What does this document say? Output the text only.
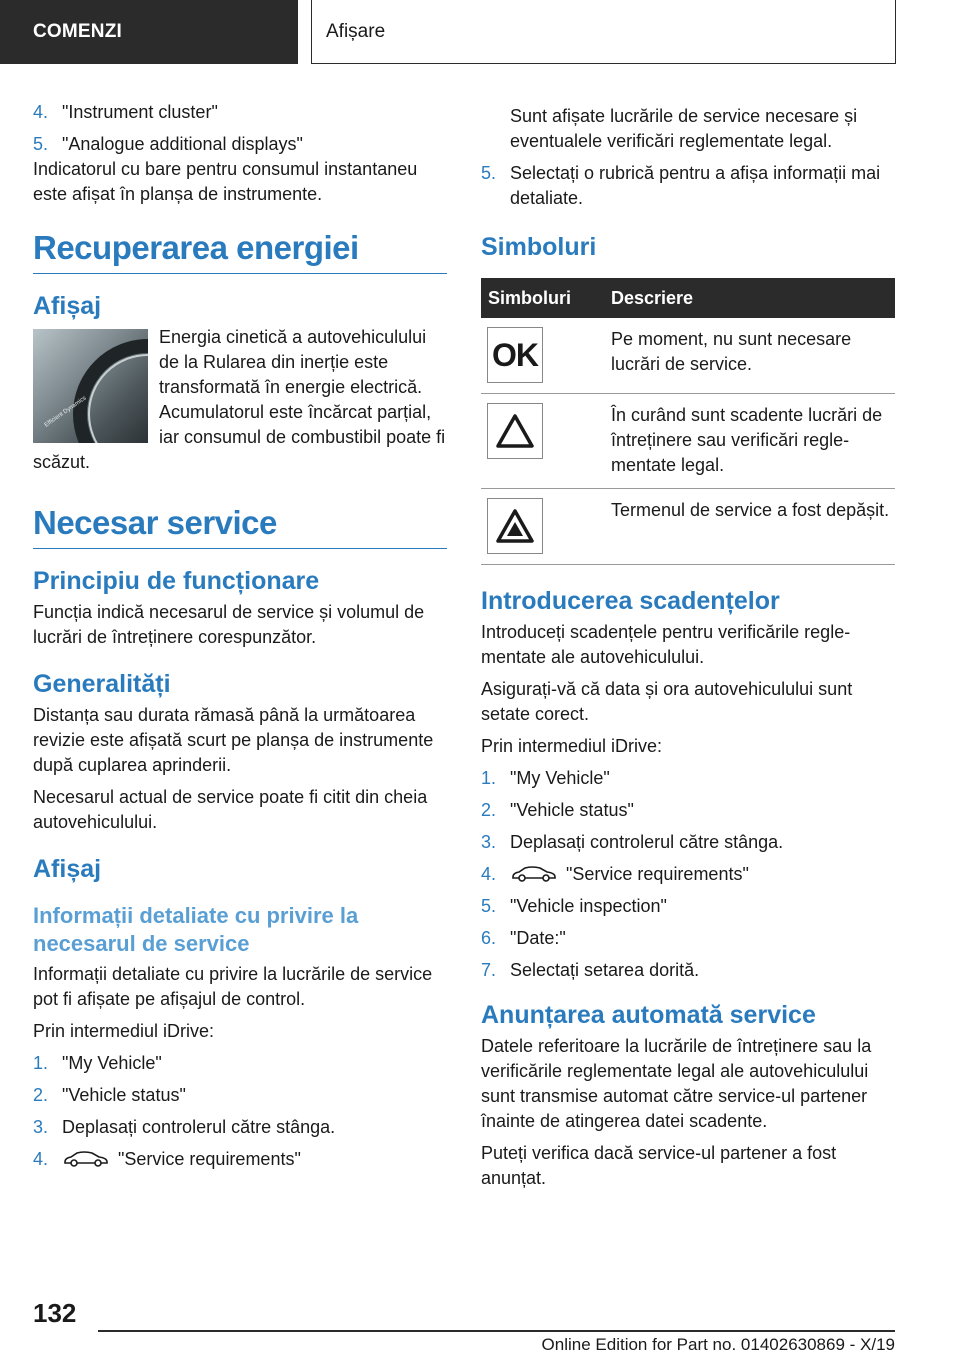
COMENZI	Afișare
4. "Instrument cluster"
5. "Analogue additional displays"

Indicatorul cu bare pentru consumul instantaneu este afișat în planșa de instrumente.

Recuperarea energiei
Afișaj
Efficient Dynamics

Energia cinetică a autovehiculului de la Rularea din inerție este transformată în energie electrică. Acumulatorul este încărcat parțial, iar consumul de combustibil poate fi scăzut.

Necesar service
Principiu de funcționare

Funcția indică necesarul de service și volumul de lucrări de întreținere corespunzător.

Generalități

Distanța sau durata rămasă până la următoarea revizie este afișată scurt pe planșa de instrumente după cuplarea aprinderii.

Necesarul actual de service poate fi citit din cheia autovehiculului.

Afișaj
Informații detaliate cu privire la necesarul de service

Informații detaliate cu privire la lucrările de service pot fi afișate pe afișajul de control.

Prin intermediul iDrive:

1. "My Vehicle"
2. "Vehicle status"
3. Deplasați controlerul către stânga.
4.	"Service requirements"

Sunt afișate lucrările de service necesare și eventualele verificări reglementate legal.

5. Selectați o rubrică pentru a afișa informații mai detaliate.
Simboluri
Simboluri	Descriere

OK	Pe moment, nu sunt necesare lucrări de service.

	În curând sunt scadente lucrări de întreținere sau verificări reglementate legal.

	Termenul de service a fost depășit.
Introducerea scadențelor

Introduceți scadențele pentru verificările reglementate ale autovehiculului.

Asigurați-vă că data și ora autovehiculului sunt setate corect.

Prin intermediul iDrive:

1. "My Vehicle"
2. "Vehicle status"
3. Deplasați controlerul către stânga.
4.	"Service requirements"
5. "Vehicle inspection"
6. "Date:"
7. Selectați setarea dorită.
Anunțarea automată service

Datele referitoare la lucrările de întreținere sau la verificările reglementate legal ale autovehiculului sunt transmise automat către service-ul partener înainte de atingerea datei scadente.

Puteți verifica dacă service-ul partener a fost anunțat.

132
Online Edition for Part no. 01402630869 - X/19
